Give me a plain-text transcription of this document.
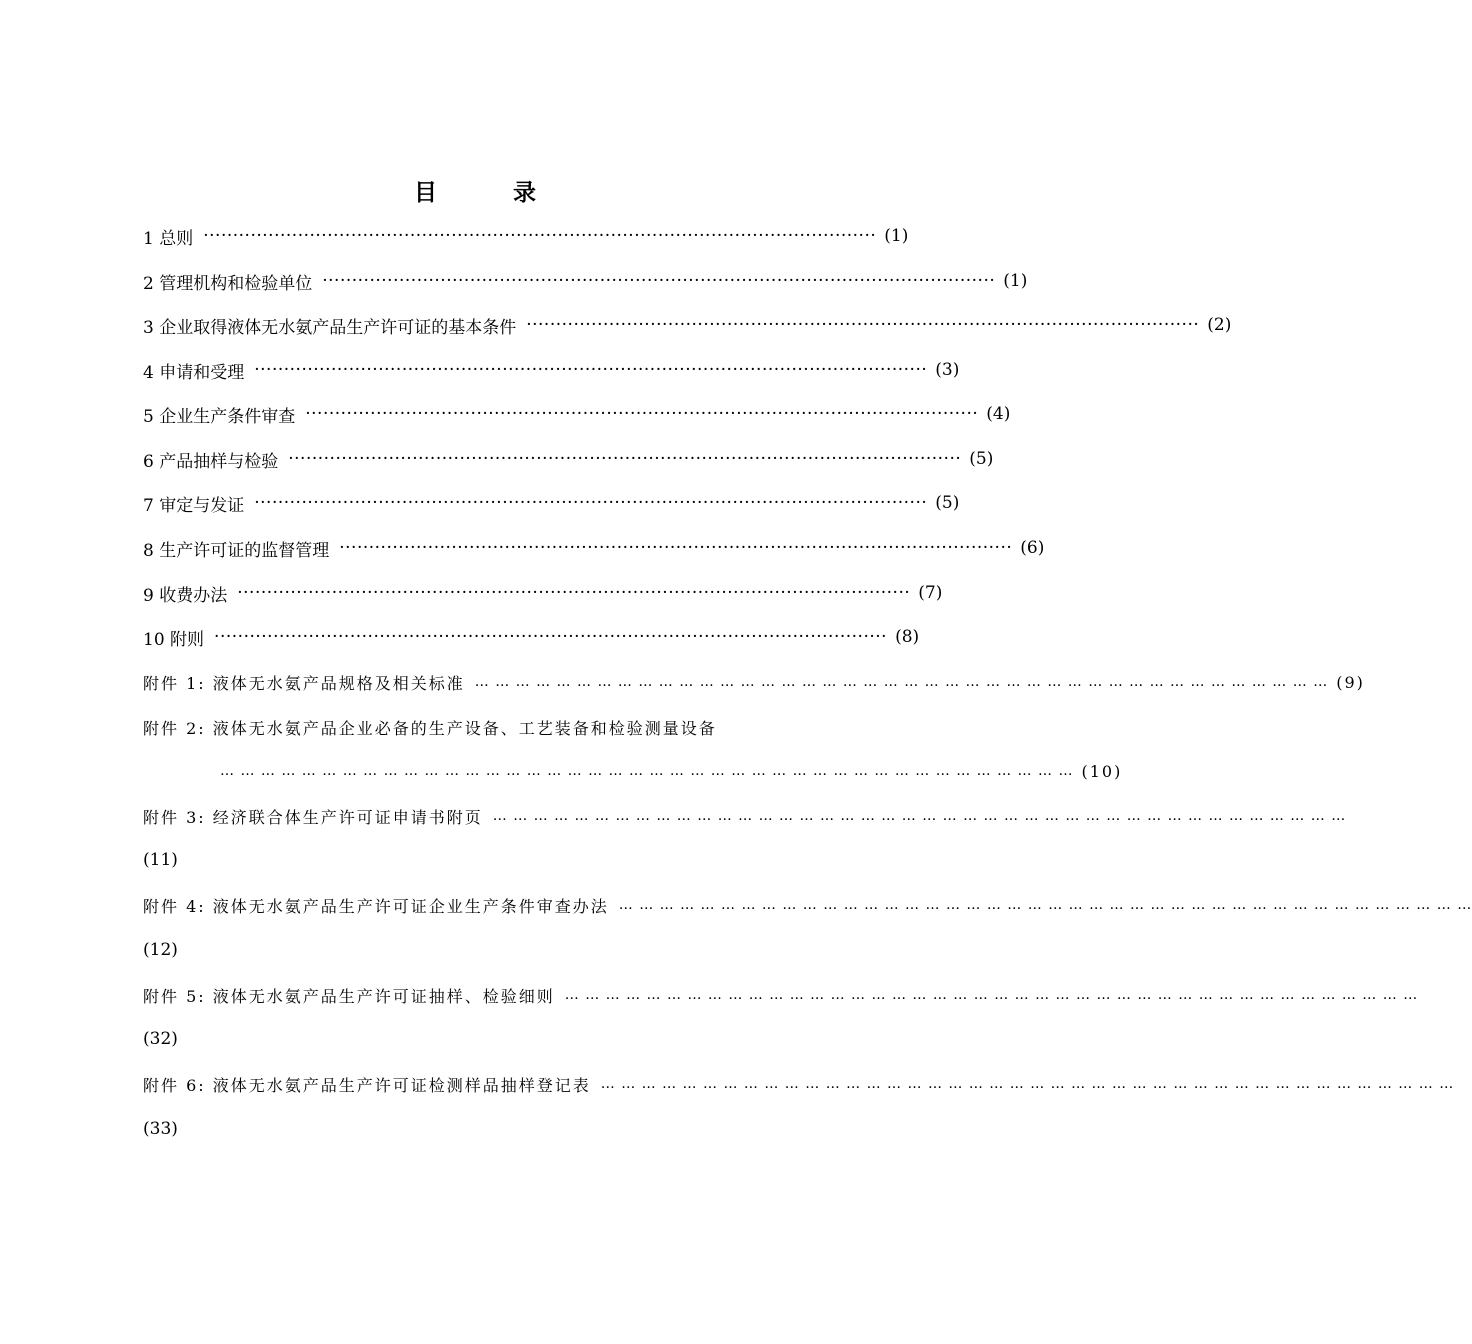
目 录
1 总则 ·················································································································· (1)
2 管理机构和检验单位 ·················································································································· (1)
3 企业取得液体无水氨产品生产许可证的基本条件 ·················································································································· (2)
4 申请和受理 ·················································································································· (3)
5 企业生产条件审查 ·················································································································· (4)
6 产品抽样与检验 ·················································································································· (5)
7 审定与发证 ·················································································································· (5)
8 生产许可证的监督管理 ·················································································································· (6)
9 收费办法 ·················································································································· (7)
10 附则 ·················································································································· (8)
附件 1: 液体无水氨产品规格及相关标准 … … … … … … … … … … … … … … … … … … … … … … … … … … … … … … … … … … … … … … … … … … (9)
附件 2: 液体无水氨产品企业必备的生产设备、工艺装备和检验测量设备
… … … … … … … … … … … … … … … … … … … … … … … … … … … … … … … … … … … … … … … … … … (10)
附件 3: 经济联合体生产许可证申请书附页 … … … … … … … … … … … … … … … … … … … … … … … … … … … … … … … … … … … … … … … … … …
(11)
附件 4: 液体无水氨产品生产许可证企业生产条件审查办法 … … … … … … … … … … … … … … … … … … … … … … … … … … … … … … … … … … … … … … … … … …
(12)
附件 5: 液体无水氨产品生产许可证抽样、检验细则 … … … … … … … … … … … … … … … … … … … … … … … … … … … … … … … … … … … … … … … … … …
(32)
附件 6: 液体无水氨产品生产许可证检测样品抽样登记表 … … … … … … … … … … … … … … … … … … … … … … … … … … … … … … … … … … … … … … … … … …
(33)
